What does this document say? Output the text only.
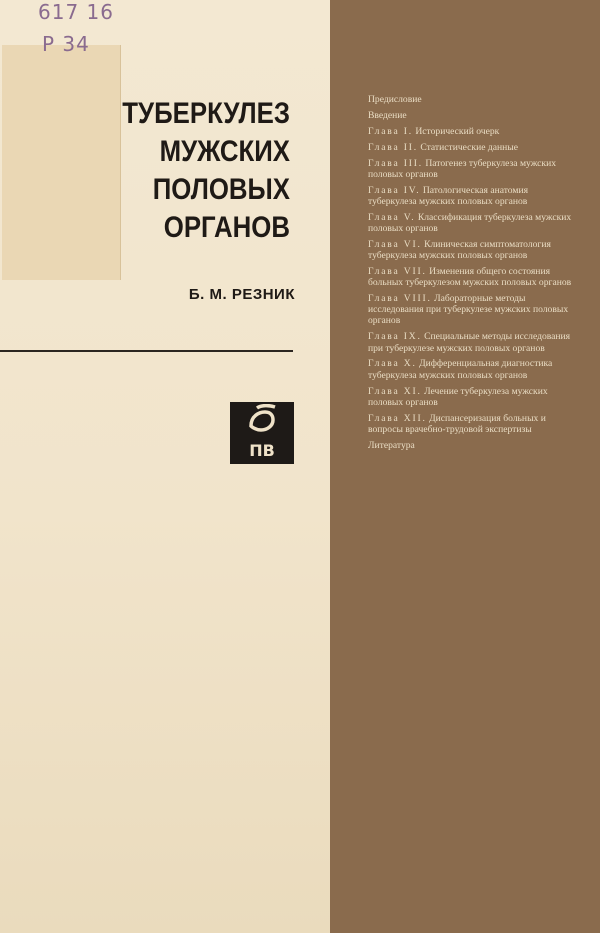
617 16
P 34
ТУБЕРКУЛЕЗ
МУЖСКИХ
ПОЛОВЫХ
ОРГАНОВ
Б. М. РЕЗНИК
ПВ
Предисловие
Введение
Глава I. Исторический очерк
Глава II. Статистические данные
Глава III. Патогенез туберкулеза мужских половых органов
Глава IV. Патологическая анатомия туберкулеза мужских половых органов
Глава V. Классификация туберкулеза мужских половых органов
Глава VI. Клиническая симптоматология туберкулеза мужских половых органов
Глава VII. Изменения общего состояния больных туберкулезом мужских половых органов
Глава VIII. Лабораторные методы исследования при туберкулезе мужских половых органов
Глава IX. Специальные методы исследования при туберкулезе мужских половых органов
Глава X. Дифференциальная диагностика туберкулеза мужских половых органов
Глава XI. Лечение туберкулеза мужских половых органов
Глава XII. Диспансеризация больных и вопросы врачебно-трудовой экспертизы
Литература
